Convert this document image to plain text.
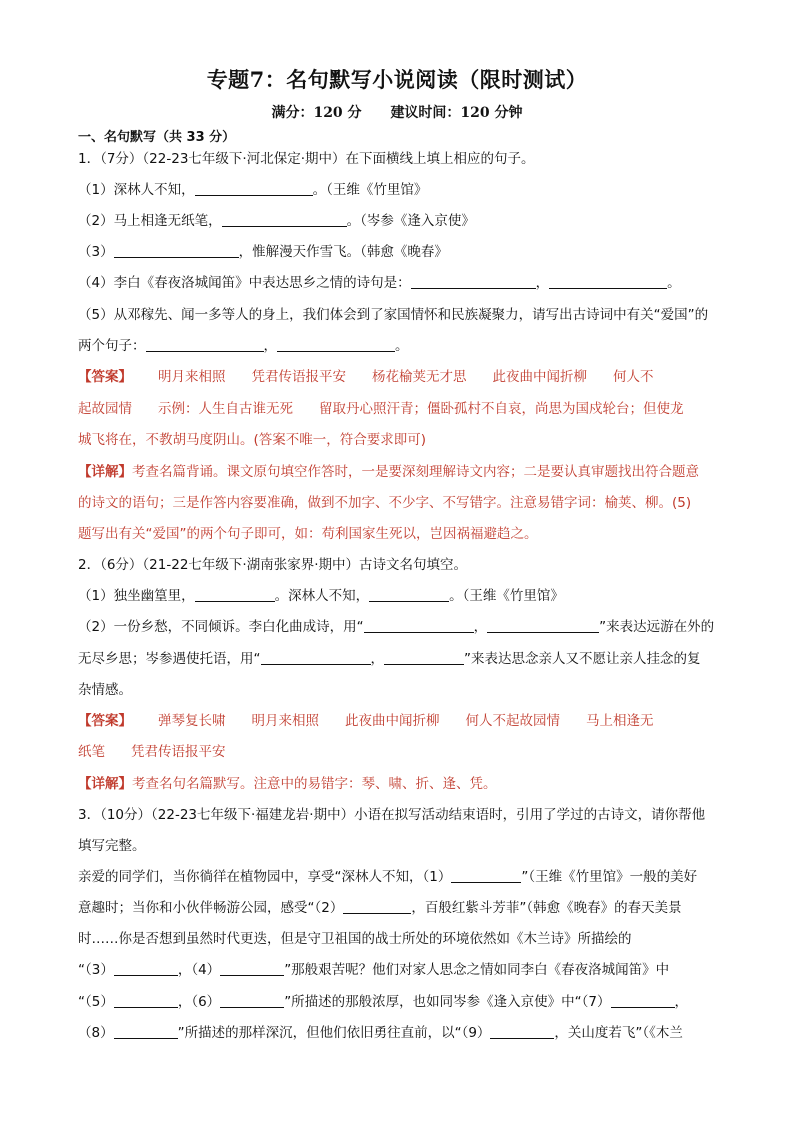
专题7：名句默写小说阅读（限时测试）
满分：120 分 建议时间：120 分钟
一、名句默写（共 33 分）
1．（7分）（22-23七年级下·河北保定·期中）在下面横线上填上相应的句子。
（1）深林人不知，	。（王维《竹里馆》
（2）马上相逢无纸笔，	。（岑参《逢入京使》
（3）	，惟解漫天作雪飞。（韩愈《晚春》
（4）李白《春夜洛城闻笛》中表达思乡之情的诗句是：	，	。
（5）从邓稼先、闻一多等人的身上，我们体会到了家国情怀和民族凝聚力，请写出古诗词中有关“爱国”的
两个句子：	，	。
【答案】 明月来相照 凭君传语报平安 杨花榆荚无才思 此夜曲中闻折柳 何人不
起故园情 示例：人生自古谁无死 留取丹心照汗青；僵卧孤村不自哀，尚思为国戍轮台；但使龙
城飞将在，不教胡马度阴山。(答案不唯一，符合要求即可)
【详解】考查名篇背诵。课文原句填空作答时，一是要深刻理解诗文内容；二是要认真审题找出符合题意
的诗文的语句；三是作答内容要准确，做到不加字、不少字、不写错字。注意易错字词：榆荚、柳。(5)
题写出有关“爱国”的两个句子即可，如：苟利国家生死以，岂因祸福避趋之。
2．（6分）（21-22七年级下·湖南张家界·期中）古诗文名句填空。
（1）独坐幽篁里，	。深林人不知，	。（王维《竹里馆》
（2）一份乡愁，不同倾诉。李白化曲成诗，用“	，	”来表达远游在外的
无尽乡思；岑参遇使托语，用“	，	”来表达思念亲人又不愿让亲人挂念的复
杂情感。
【答案】 弹琴复长啸 明月来相照 此夜曲中闻折柳 何人不起故园情 马上相逢无
纸笔 凭君传语报平安
【详解】考查名句名篇默写。注意中的易错字：琴、啸、折、逢、凭。
3．（10分）（22-23七年级下·福建龙岩·期中）小语在拟写活动结束语时，引用了学过的古诗文，请你帮他
填写完整。
亲爱的同学们，当你徜徉在植物园中，享受“深林人不知，（1）	”（王维《竹里馆》一般的美好
意趣时；当你和小伙伴畅游公园，感受“（2）	，百般红紫斗芳菲”（韩愈《晚春》的春天美景
时……你是否想到虽然时代更迭，但是守卫祖国的战士所处的环境依然如《木兰诗》所描绘的
“（3）	，（4）	”那般艰苦呢？他们对家人思念之情如同李白《春夜洛城闻笛》中
“（5）	，（6）	”所描述的那般浓厚，也如同岑参《逢入京使》中“（7）	，
（8）	”所描述的那样深沉，但他们依旧勇往直前，以“（9）	，关山度若飞”（《木兰
